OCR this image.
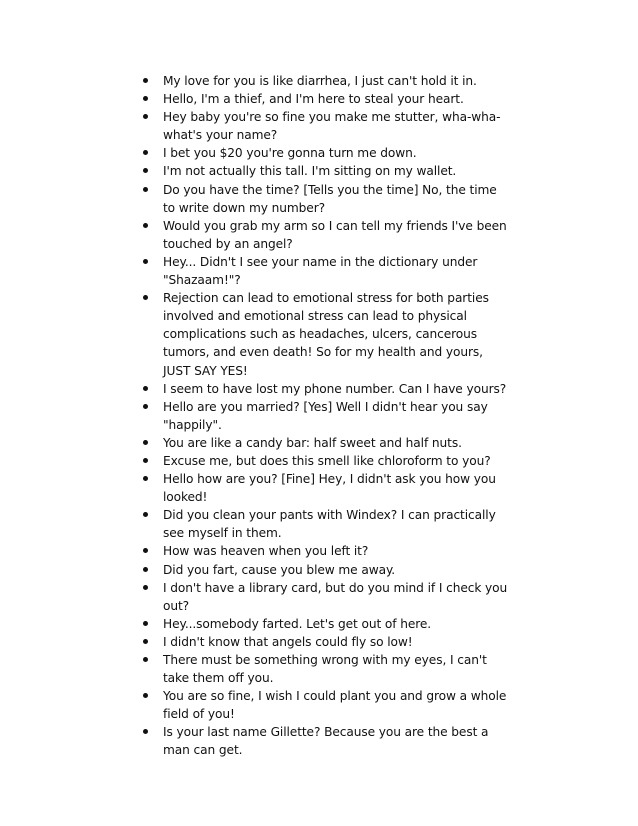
My love for you is like diarrhea, I just can't hold it in.
Hello, I'm a thief, and I'm here to steal your heart.
Hey baby you're so fine you make me stutter, wha-wha-what's your name?
I bet you $20 you're gonna turn me down.
I'm not actually this tall. I'm sitting on my wallet.
Do you have the time? [Tells you the time] No, the time to write down my number?
Would you grab my arm so I can tell my friends I've been touched by an angel?
Hey... Didn't I see your name in the dictionary under "Shazaam!"?
Rejection can lead to emotional stress for both parties involved and emotional stress can lead to physical complications such as headaches, ulcers, cancerous tumors, and even death! So for my health and yours, JUST SAY YES!
I seem to have lost my phone number. Can I have yours?
Hello are you married? [Yes] Well I didn't hear you say "happily".
You are like a candy bar: half sweet and half nuts.
Excuse me, but does this smell like chloroform to you?
Hello how are you? [Fine] Hey, I didn't ask you how you looked!
Did you clean your pants with Windex? I can practically see myself in them.
How was heaven when you left it?
Did you fart, cause you blew me away.
I don't have a library card, but do you mind if I check you out?
Hey...somebody farted. Let's get out of here.
I didn't know that angels could fly so low!
There must be something wrong with my eyes, I can't take them off you.
You are so fine, I wish I could plant you and grow a whole field of you!
Is your last name Gillette? Because you are the best a man can get.
